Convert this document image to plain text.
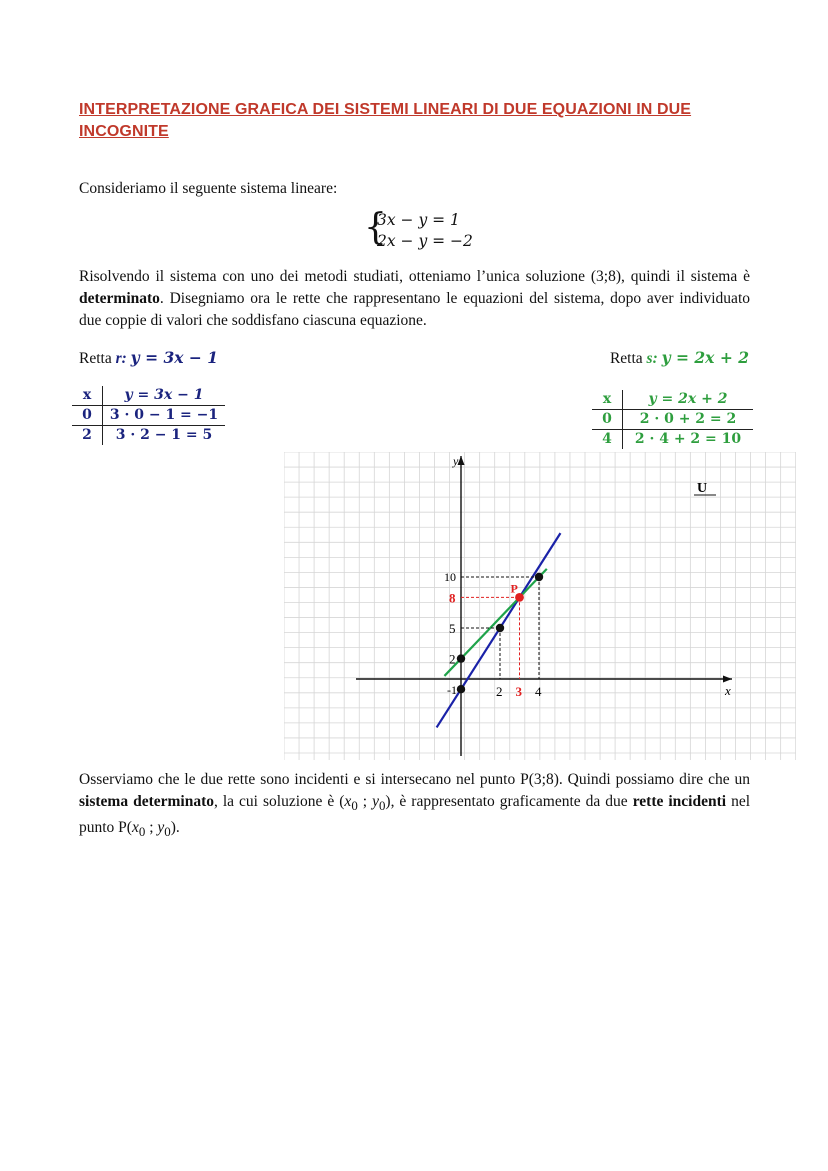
INTERPRETAZIONE GRAFICA DEI SISTEMI LINEARI DI DUE EQUAZIONI IN DUE INCOGNITE
Consideriamo il seguente sistema lineare:
{
3x − y = 1
2x − y = −2
Risolvendo il sistema con uno dei metodi studiati, otteniamo l’unica soluzione (3;8), quindi il sistema è determinato. Disegniamo ora le rette che rappresentano le equazioni del sistema, dopo aver individuato due coppie di valori che soddisfano ciascuna equazione.
Retta r: y = 3x − 1	Retta s: y = 2x + 2
x	y = 3x − 1
0	3 · 0 − 1 = −1
2	3 · 2 − 1 = 5
x	y = 2x + 2
0	2 · 0 + 2 = 2
4	2 · 4 + 2 = 10
x
y
U
P
2 3 4
10
8
5
2
-1
Osserviamo che le due rette sono incidenti e si intersecano nel punto P(3;8). Quindi possiamo dire che un sistema determinato, la cui soluzione è ($x_0$ ; $y_0$), è rappresentato graficamente da due rette incidenti nel punto $P(x_0$ ; $y_0$).
